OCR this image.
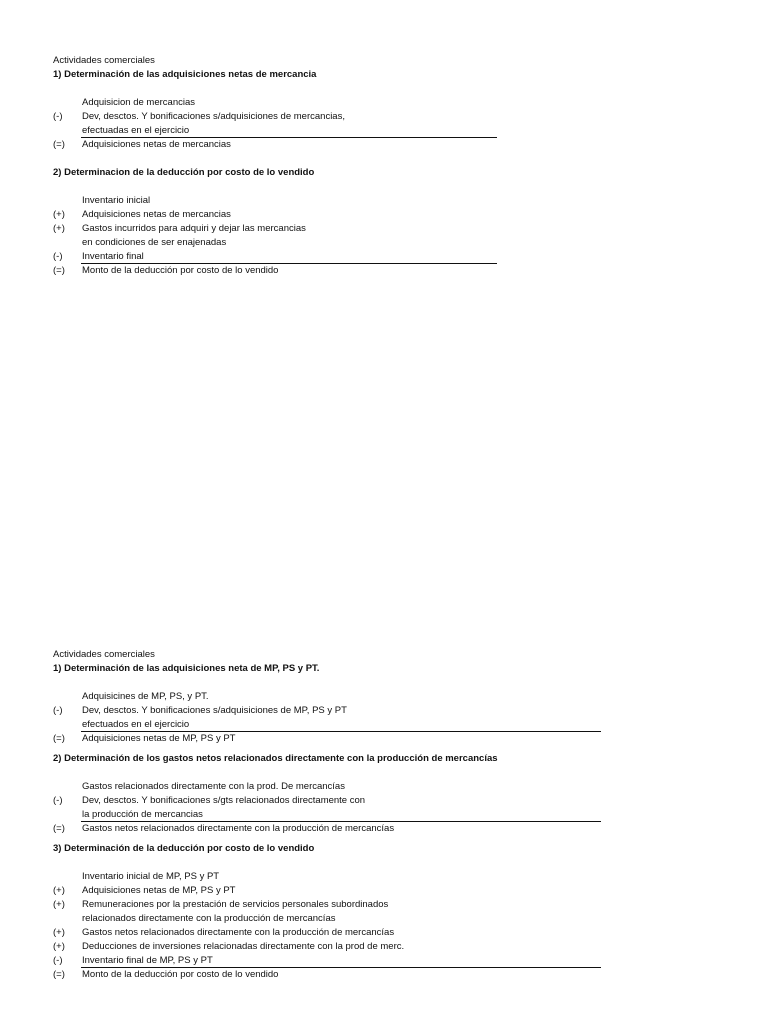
Actividades comerciales
1) Determinación de las adquisiciones netas de mercancia
Adquisicion de mercancias
(-)	Dev, desctos. Y bonificaciones s/adquisiciones de mercancias,
efectuadas en el ejercicio
(=)	Adquisiciones netas de mercancias
2) Determinacion de la deducción por costo de lo vendido
Inventario inicial
(+)	Adquisiciones netas de mercancias
(+)	Gastos incurridos para adquiri y dejar las mercancias
en condiciones de ser enajenadas
(-)	Inventario final
(=)	Monto de la deducción por costo de lo vendido
Actividades comerciales
1) Determinación de las adquisiciones neta de MP, PS y PT.
Adquisicines de MP, PS, y PT.
(-)	Dev, desctos. Y bonificaciones s/adquisiciones de MP, PS y PT
efectuados en el ejercicio
(=)	Adquisiciones netas de MP, PS y PT
2) Determinación de los gastos netos relacionados directamente con la producción de mercancías
Gastos relacionados directamente con la prod. De mercancías
(-)	Dev, desctos. Y bonificaciones s/gts relacionados directamente con
la producción de mercancias
(=)	Gastos netos relacionados directamente con la producción de mercancías
3) Determinación de la deducción por costo de lo vendido
Inventario inicial de MP, PS y PT
(+)	Adquisiciones netas de MP, PS y PT
(+)	Remuneraciones por la prestación de servicios personales subordinados
relacionados directamente con la producción de mercancías
(+)	Gastos netos relacionados directamente con la producción de mercancías
(+)	Deducciones de inversiones relacionadas directamente con la prod de merc.
(-)	Inventario final de MP, PS y PT
(=)	Monto de la deducción por costo de lo vendido
